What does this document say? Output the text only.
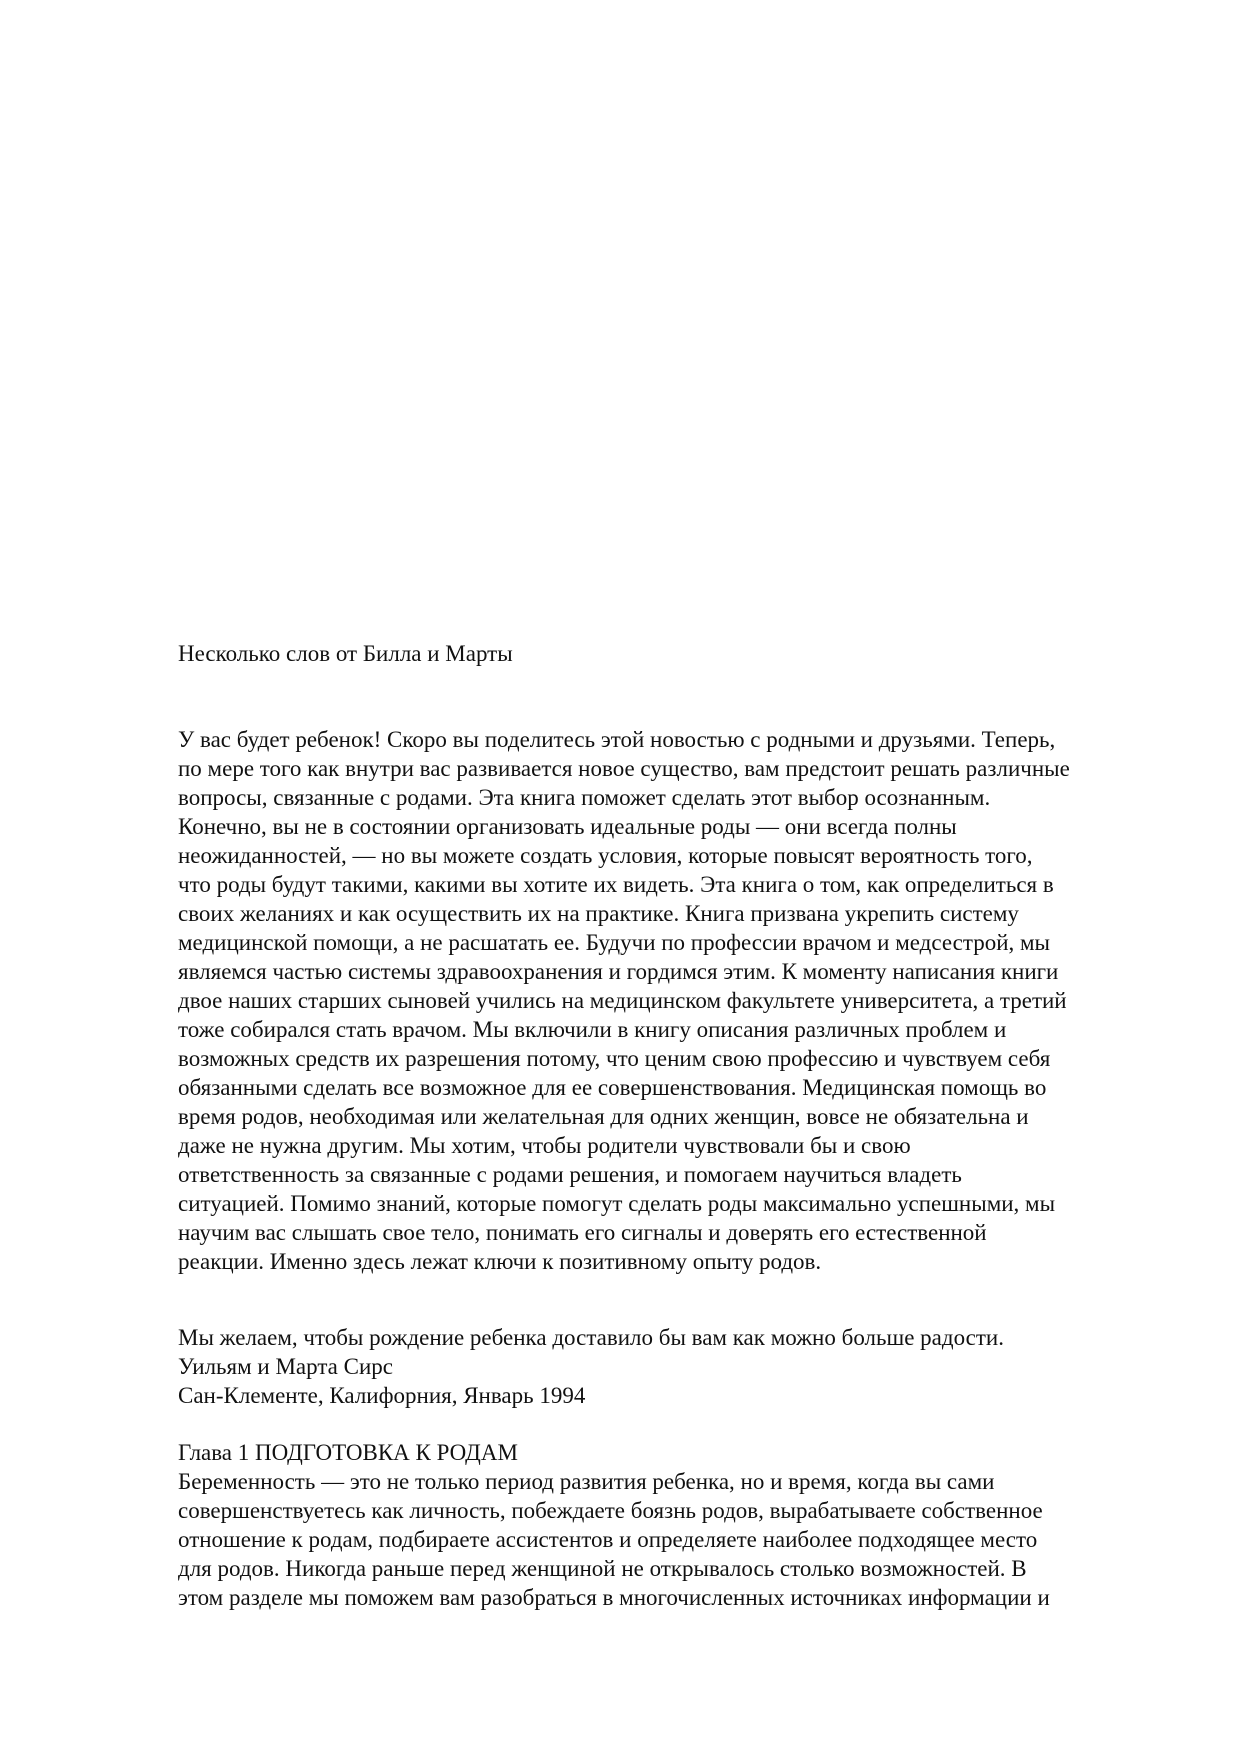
Несколько слов от Билла и Марты
У вас будет ребенок! Скоро вы поделитесь этой новостью с родными и друзьями. Теперь,
по мере того как внутри вас развивается новое существо, вам предстоит решать различные
вопросы, связанные с родами. Эта книга поможет сделать этот выбор осознанным.
Конечно, вы не в состоянии организовать идеальные роды — они всегда полны
неожиданностей, — но вы можете создать условия, которые повысят вероятность того,
что роды будут такими, какими вы хотите их видеть. Эта книга о том, как определиться в
своих желаниях и как осуществить их на практике. Книга призвана укрепить систему
медицинской помощи, а не расшатать ее. Будучи по профессии врачом и медсестрой, мы
являемся частью системы здравоохранения и гордимся этим. К моменту написания книги
двое наших старших сыновей учились на медицинском факультете университета, а третий
тоже собирался стать врачом. Мы включили в книгу описания различных проблем и
возможных средств их разрешения потому, что ценим свою профессию и чувствуем себя
обязанными сделать все возможное для ее совершенствования. Медицинская помощь во
время родов, необходимая или желательная для одних женщин, вовсе не обязательна и
даже не нужна другим. Мы хотим, чтобы родители чувствовали бы и свою
ответственность за связанные с родами решения, и помогаем научиться владеть
ситуацией. Помимо знаний, которые помогут сделать роды максимально успешными, мы
научим вас слышать свое тело, понимать его сигналы и доверять его естественной
реакции. Именно здесь лежат ключи к позитивному опыту родов.
Мы желаем, чтобы рождение ребенка доставило бы вам как можно больше радости.
Уильям и Марта Сирс
Сан-Клементе, Калифорния, Январь 1994
Глава 1 ПОДГОТОВКА К РОДАМ
Беременность — это не только период развития ребенка, но и время, когда вы сами
совершенствуетесь как личность, побеждаете боязнь родов, вырабатываете собственное
отношение к родам, подбираете ассистентов и определяете наиболее подходящее место
для родов. Никогда раньше перед женщиной не открывалось столько возможностей. В
этом разделе мы поможем вам разобраться в многочисленных источниках информации и
